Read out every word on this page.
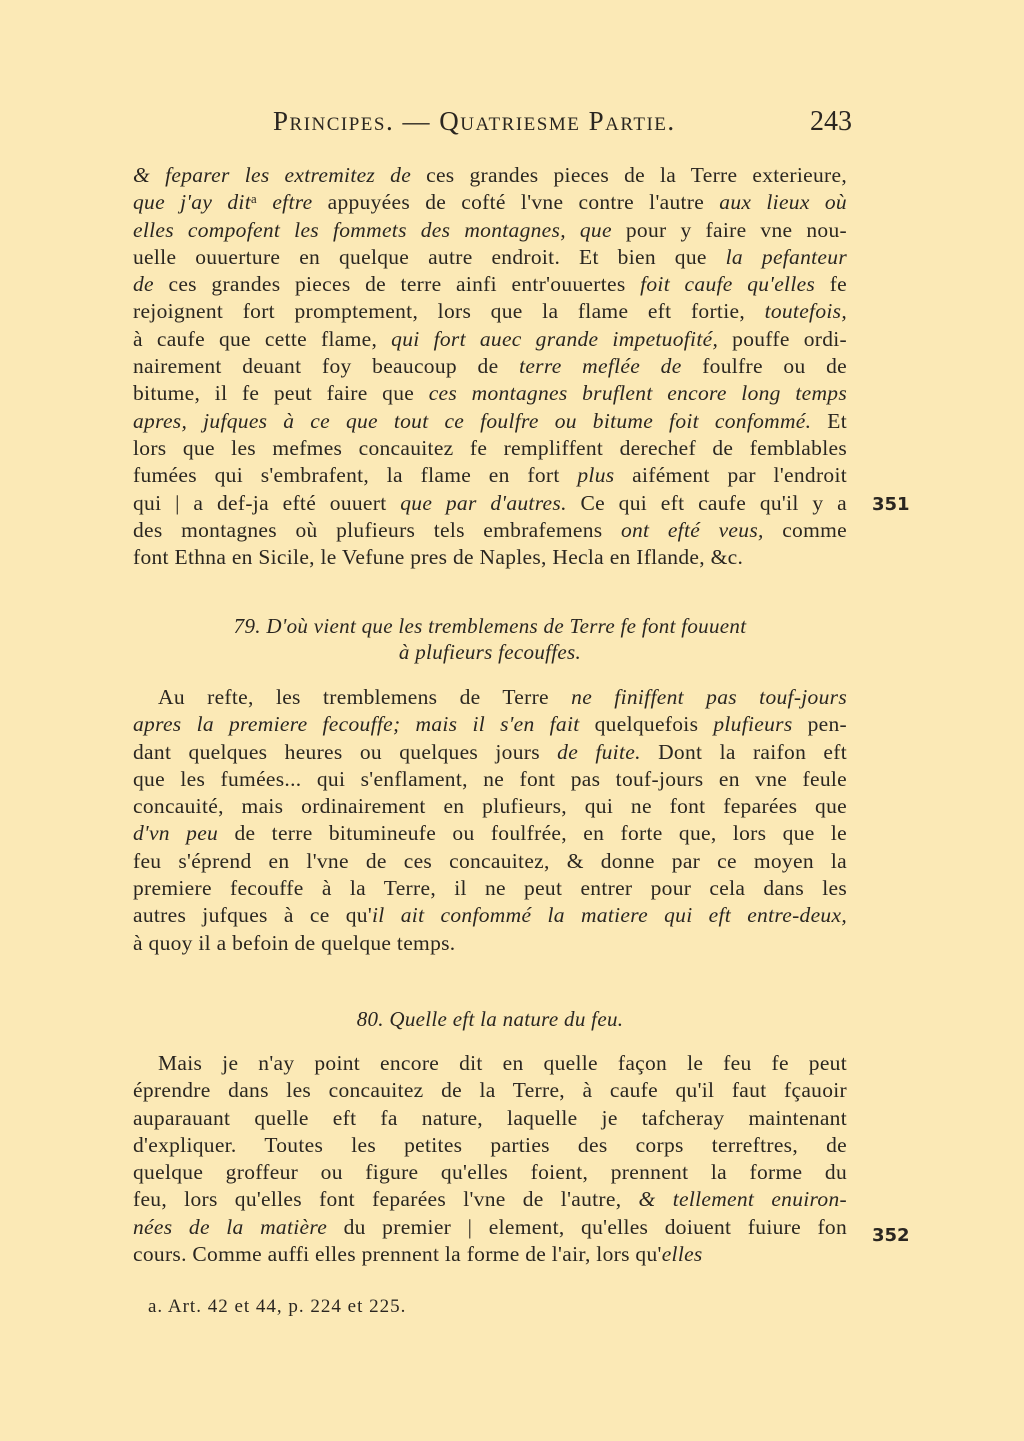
Principes. — Quatriesme Partie.	243
& feparer les extremitez de ces grandes pieces de la Terre exterieure,
que j'ay ditᵃ eftre appuyées de cofté l'vne contre l'autre aux lieux où
elles compofent les fommets des montagnes, que pour y faire vne nou-
uelle ouuerture en quelque autre endroit. Et bien que la pefanteur
de ces grandes pieces de terre ainfi entr'ouuertes foit caufe qu'elles fe
rejoignent fort promptement, lors que la flame eft fortie, toutefois,
à caufe que cette flame, qui fort auec grande impetuofité, pouffe ordi-
nairement deuant foy beaucoup de terre meflée de foulfre ou de
bitume, il fe peut faire que ces montagnes bruflent encore long temps
apres, jufques à ce que tout ce foulfre ou bitume foit confommé. Et
lors que les mefmes concauitez fe rempliffent derechef de femblables
fumées qui s'embrafent, la flame en fort plus aifément par l'endroit
qui | a def-ja efté ouuert que par d'autres. Ce qui eft caufe qu'il y a
des montagnes où plufieurs tels embrafemens ont efté veus, comme
font Ethna en Sicile, le Vefune pres de Naples, Hecla en Iflande, &c.
351
79. D'où vient que les tremblemens de Terre fe font fouuent
à plufieurs fecouffes.
Au refte, les tremblemens de Terre ne finiffent pas touf-jours
apres la premiere fecouffe; mais il s'en fait quelquefois plufieurs pen-
dant quelques heures ou quelques jours de fuite. Dont la raifon eft
que les fumées... qui s'enflament, ne font pas touf-jours en vne feule
concauité, mais ordinairement en plufieurs, qui ne font feparées que
d'vn peu de terre bitumineufe ou foulfrée, en forte que, lors que le
feu s'éprend en l'vne de ces concauitez, & donne par ce moyen la
premiere fecouffe à la Terre, il ne peut entrer pour cela dans les
autres jufques à ce qu'il ait confommé la matiere qui eft entre-deux,
à quoy il a befoin de quelque temps.
80. Quelle eft la nature du feu.
Mais je n'ay point encore dit en quelle façon le feu fe peut
éprendre dans les concauitez de la Terre, à caufe qu'il faut fçauoir
auparauant quelle eft fa nature, laquelle je tafcheray maintenant
d'expliquer. Toutes les petites parties des corps terreftres, de
quelque groffeur ou figure qu'elles foient, prennent la forme du
feu, lors qu'elles font feparées l'vne de l'autre, & tellement enuiron-
nées de la matière du premier | element, qu'elles doiuent fuiure fon
cours. Comme auffi elles prennent la forme de l'air, lors qu'elles
352
a. Art. 42 et 44, p. 224 et 225.
